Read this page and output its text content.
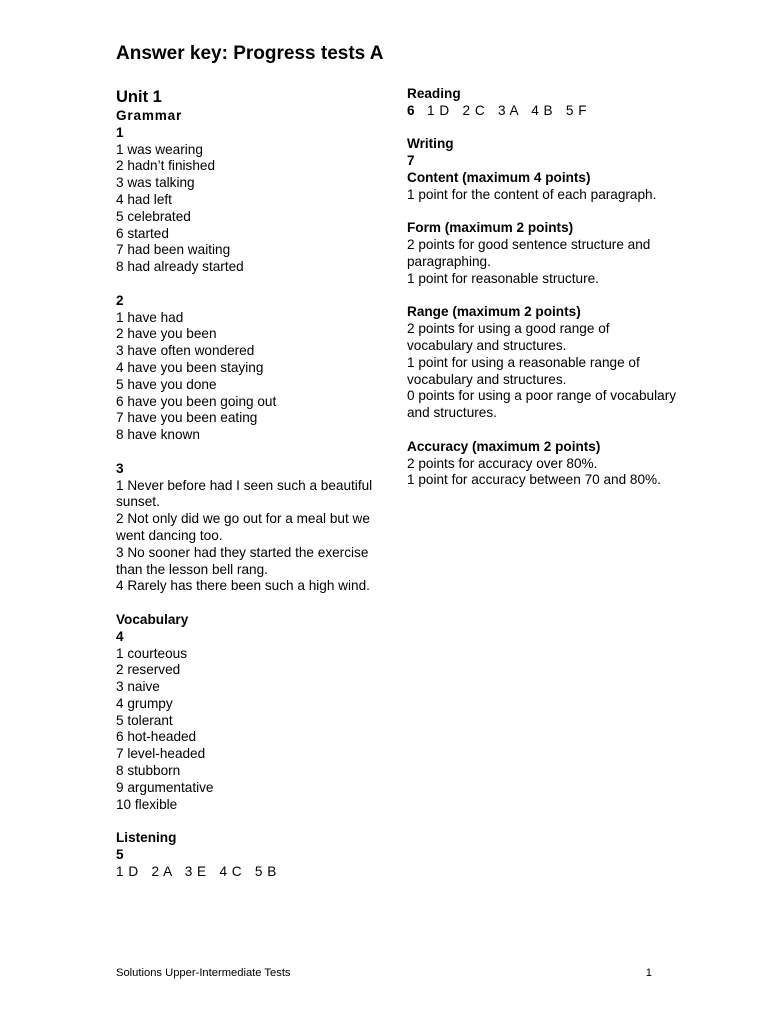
Answer key: Progress tests A
Unit 1
Grammar
1
1 was wearing
2 hadn’t finished
3 was talking
4 had left
5 celebrated
6 started
7 had been waiting
8 had already started
2
1 have had
2 have you been
3 have often wondered
4 have you been staying
5 have you done
6 have you been going out
7 have you been eating
8 have known
3
1 Never before had I seen such a beautiful sunset.
2 Not only did we go out for a meal but we went dancing too.
3 No sooner had they started the exercise than the lesson bell rang.
4 Rarely has there been such a high wind.
Vocabulary
4
1 courteous
2 reserved
3 naive
4 grumpy
5 tolerant
6 hot-headed
7 level-headed
8 stubborn
9 argumentative
10 flexible
Listening
5
1 D   2 A   3 E   4 C   5 B
Reading
6 1 D   2 C   3 A   4 B   5 F
Writing
7
Content (maximum 4 points)
1 point for the content of each paragraph.
Form (maximum 2 points)
2 points for good sentence structure and paragraphing.
1 point for reasonable structure.
Range (maximum 2 points)
2 points for using a good range of vocabulary and structures.
1 point for using a reasonable range of vocabulary and structures.
0 points for using a poor range of vocabulary and structures.
Accuracy (maximum 2 points)
2 points for accuracy over 80%.
1 point for accuracy between 70 and 80%.
Solutions Upper-Intermediate Tests	1
